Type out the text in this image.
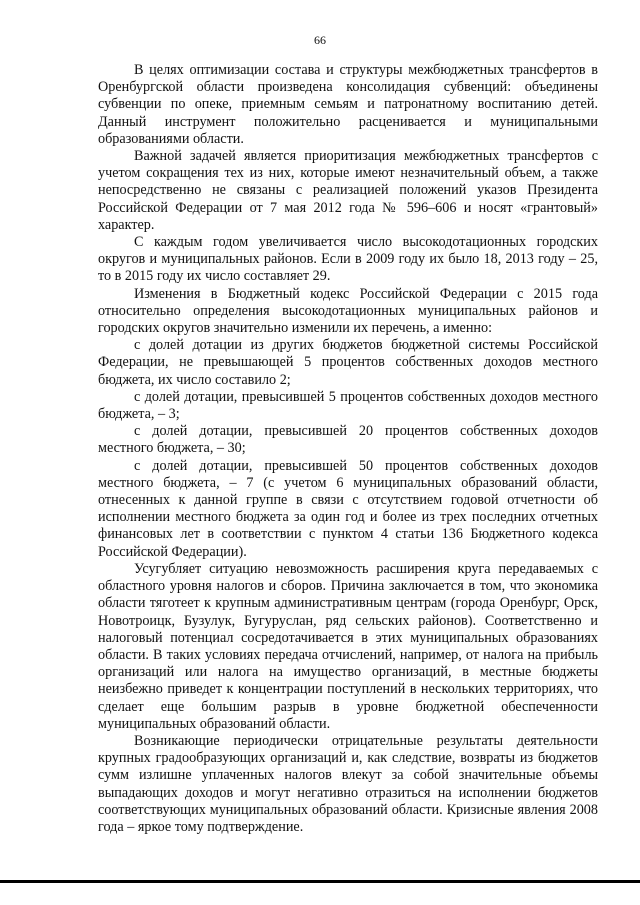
66

В целях оптимизации состава и структуры межбюджетных трансфертов в Оренбургской области произведена консолидация субвенций: объединены субвенции по опеке, приемным семьям и патронатному воспитанию детей. Данный инструмент положительно расценивается и муниципальными образованиями области.

Важной задачей является приоритизация межбюджетных трансфертов с учетом сокращения тех из них, которые имеют незначительный объем, а также непосредственно не связаны с реализацией положений указов Президента Российской Федерации от 7 мая 2012 года № 596–606 и носят «грантовый» характер.

С каждым годом увеличивается число высокодотационных городских округов и муниципальных районов. Если в 2009 году их было 18, 2013 году – 25, то в 2015 году их число составляет 29.

Изменения в Бюджетный кодекс Российской Федерации с 2015 года относительно определения высокодотационных муниципальных районов и городских округов значительно изменили их перечень, а именно:

с долей дотации из других бюджетов бюджетной системы Российской Федерации, не превышающей 5 процентов собственных доходов местного бюджета, их число составило 2;

с долей дотации, превысившей 5 процентов собственных доходов местного бюджета, – 3;

с долей дотации, превысившей 20 процентов собственных доходов местного бюджета, – 30;

с долей дотации, превысившей 50 процентов собственных доходов местного бюджета, – 7 (с учетом 6 муниципальных образований области, отнесенных к данной группе в связи с отсутствием годовой отчетности об исполнении местного бюджета за один год и более из трех последних отчетных финансовых лет в соответствии с пунктом 4 статьи 136 Бюджетного кодекса Российской Федерации).

Усугубляет ситуацию невозможность расширения круга передаваемых с областного уровня налогов и сборов. Причина заключается в том, что экономика области тяготеет к крупным административным центрам (города Оренбург, Орск, Новотроицк, Бузулук, Бугуруслан, ряд сельских районов). Соответственно и налоговый потенциал сосредотачивается в этих муниципальных образованиях области. В таких условиях передача отчислений, например, от налога на прибыль организаций или налога на имущество организаций, в местные бюджеты неизбежно приведет к концентрации поступлений в нескольких территориях, что сделает еще большим разрыв в уровне бюджетной обеспеченности муниципальных образований области.

Возникающие периодически отрицательные результаты деятельности крупных градообразующих организаций и, как следствие, возвраты из бюджетов сумм излишне уплаченных налогов влекут за собой значительные объемы выпадающих доходов и могут негативно отразиться на исполнении бюджетов соответствующих муниципальных образований области. Кризисные явления 2008 года – яркое тому подтверждение.
